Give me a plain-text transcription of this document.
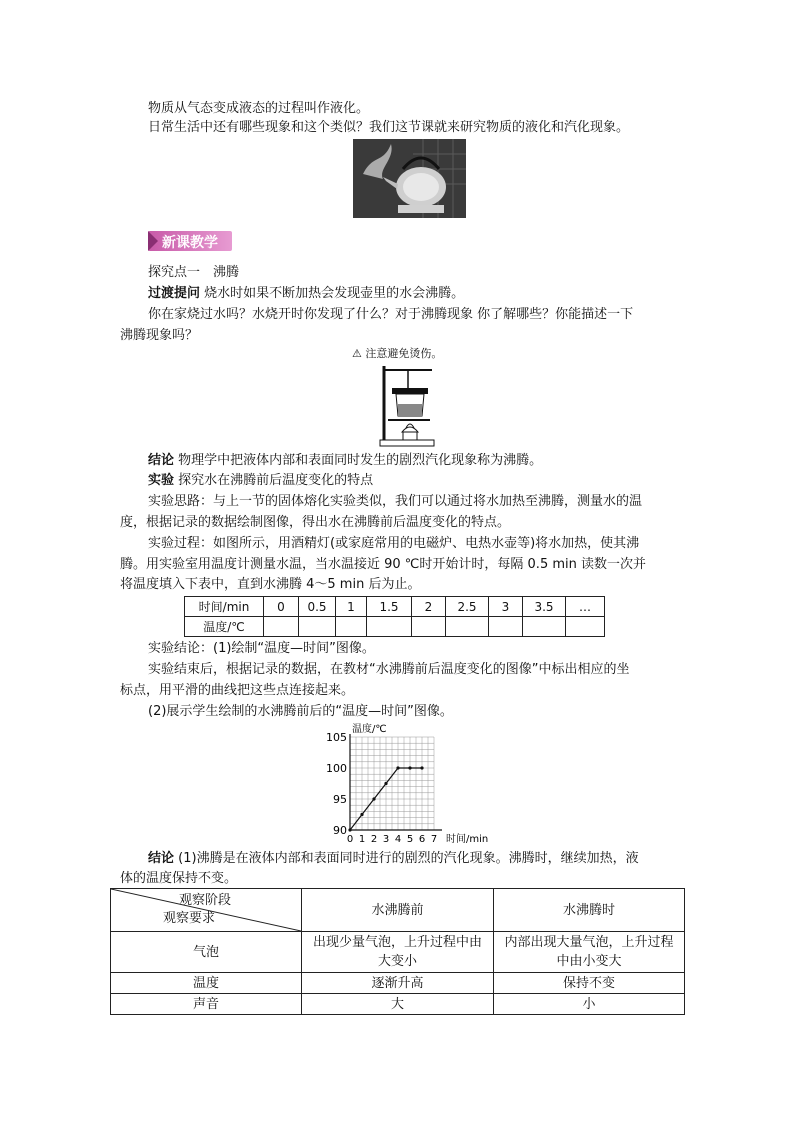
物质从气态变成液态的过程叫作液化。
日常生活中还有哪些现象和这个类似？我们这节课就来研究物质的液化和汽化现象。
新课教学
探究点一　沸腾
过渡提问 烧水时如果不断加热会发现壶里的水会沸腾。
你在家烧过水吗？水烧开时你发现了什么？对于沸腾现象 你了解哪些？你能描述一下
沸腾现象吗？
⚠ 注意避免烫伤。
结论 物理学中把液体内部和表面同时发生的剧烈汽化现象称为沸腾。
实验 探究水在沸腾前后温度变化的特点
实验思路：与上一节的固体熔化实验类似，我们可以通过将水加热至沸腾，测量水的温
度，根据记录的数据绘制图像，得出水在沸腾前后温度变化的特点。
实验过程：如图所示，用酒精灯(或家庭常用的电磁炉、电热水壶等)将水加热，使其沸
腾。用实验室用温度计测量水温，当水温接近 90 ℃时开始计时，每隔 0.5 min 读数一次并
将温度填入下表中，直到水沸腾 4～5 min 后为止。
时间/min	0	0.5	1	1.5	2	2.5	3	3.5	…
温度/℃									
实验结论：(1)绘制“温度—时间”图像。
实验结束后，根据记录的数据，在教材“水沸腾前后温度变化的图像”中标出相应的坐
标点，用平滑的曲线把这些点连接起来。
(2)展示学生绘制的水沸腾前后的“温度—时间”图像。
温度/℃
时间/min
105
100
95
90
0 1 2 3 4 5 6 7
结论 (1)沸腾是在液体内部和表面同时进行的剧烈的汽化现象。沸腾时，继续加热，液
体的温度保持不变。
观察阶段
观察要求	水沸腾前	水沸腾时
气泡	出现少量气泡，上升过程中由大变小	内部出现大量气泡，上升过程中由小变大
温度	逐渐升高	保持不变
声音	大	小
